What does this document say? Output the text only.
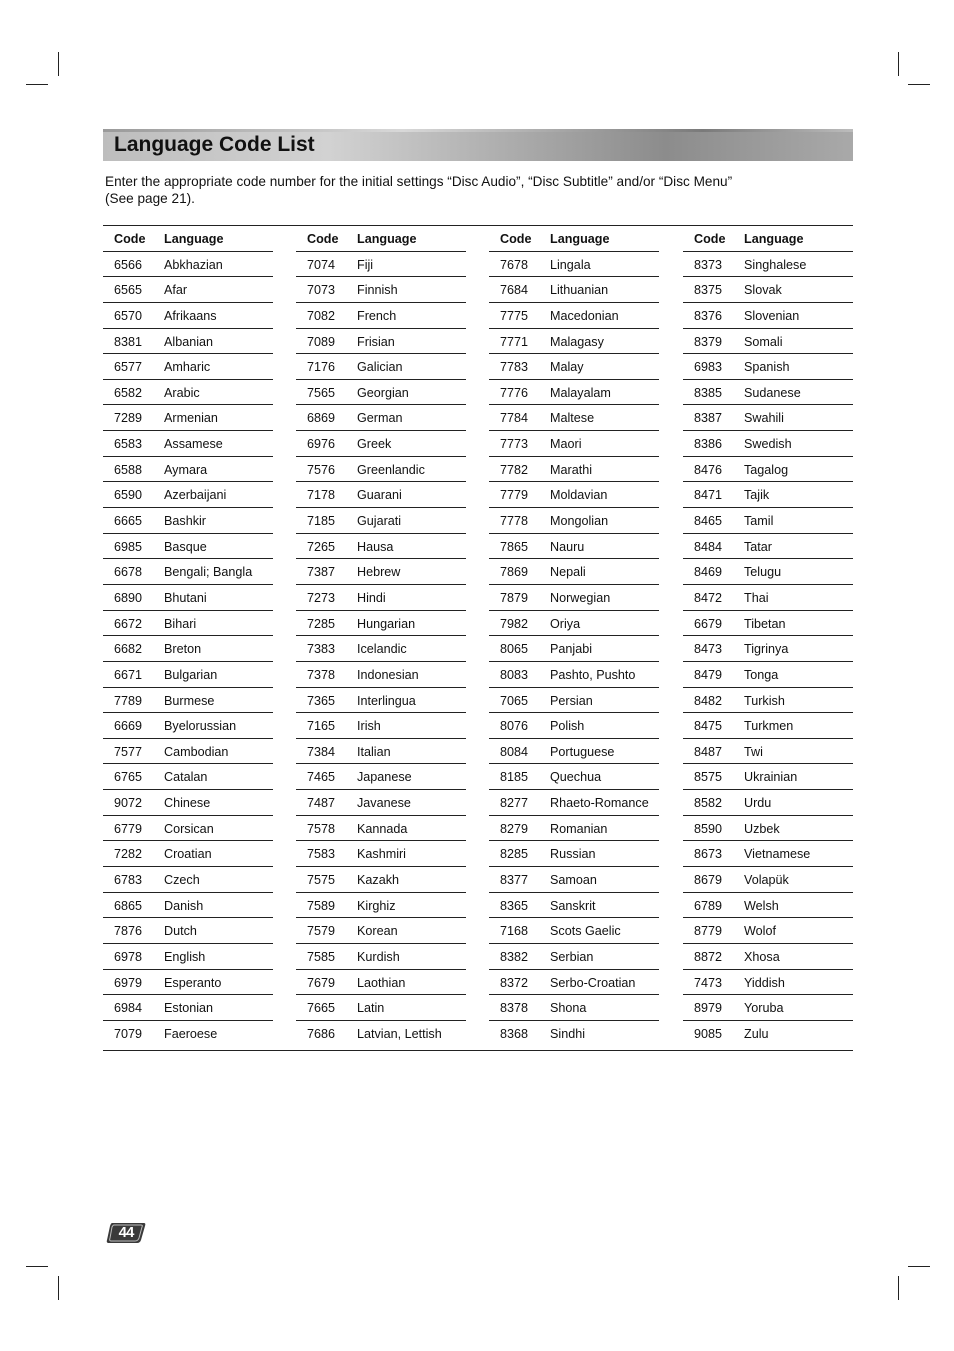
Language Code List
Enter the appropriate code number for the initial settings “Disc Audio”, “Disc Subtitle” and/or “Disc Menu”
(See page 21).
Code Language
6566 Abkhazian
6565 Afar
6570 Afrikaans
8381 Albanian
6577 Amharic
6582 Arabic
7289 Armenian
6583 Assamese
6588 Aymara
6590 Azerbaijani
6665 Bashkir
6985 Basque
6678 Bengali; Bangla
6890 Bhutani
6672 Bihari
6682 Breton
6671 Bulgarian
7789 Burmese
6669 Byelorussian
7577 Cambodian
6765 Catalan
9072 Chinese
6779 Corsican
7282 Croatian
6783 Czech
6865 Danish
7876 Dutch
6978 English
6979 Esperanto
6984 Estonian
7079 Faeroese
Code Language
7074 Fiji
7073 Finnish
7082 French
7089 Frisian
7176 Galician
7565 Georgian
6869 German
6976 Greek
7576 Greenlandic
7178 Guarani
7185 Gujarati
7265 Hausa
7387 Hebrew
7273 Hindi
7285 Hungarian
7383 Icelandic
7378 Indonesian
7365 Interlingua
7165 Irish
7384 Italian
7465 Japanese
7487 Javanese
7578 Kannada
7583 Kashmiri
7575 Kazakh
7589 Kirghiz
7579 Korean
7585 Kurdish
7679 Laothian
7665 Latin
7686 Latvian, Lettish
Code Language
7678 Lingala
7684 Lithuanian
7775 Macedonian
7771 Malagasy
7783 Malay
7776 Malayalam
7784 Maltese
7773 Maori
7782 Marathi
7779 Moldavian
7778 Mongolian
7865 Nauru
7869 Nepali
7879 Norwegian
7982 Oriya
8065 Panjabi
8083 Pashto, Pushto
7065 Persian
8076 Polish
8084 Portuguese
8185 Quechua
8277 Rhaeto-Romance
8279 Romanian
8285 Russian
8377 Samoan
8365 Sanskrit
7168 Scots Gaelic
8382 Serbian
8372 Serbo-Croatian
8378 Shona
8368 Sindhi
Code Language
8373 Singhalese
8375 Slovak
8376 Slovenian
8379 Somali
6983 Spanish
8385 Sudanese
8387 Swahili
8386 Swedish
8476 Tagalog
8471 Tajik
8465 Tamil
8484 Tatar
8469 Telugu
8472 Thai
6679 Tibetan
8473 Tigrinya
8479 Tonga
8482 Turkish
8475 Turkmen
8487 Twi
8575 Ukrainian
8582 Urdu
8590 Uzbek
8673 Vietnamese
8679 Volapük
6789 Welsh
8779 Wolof
8872 Xhosa
7473 Yiddish
8979 Yoruba
9085 Zulu
44
